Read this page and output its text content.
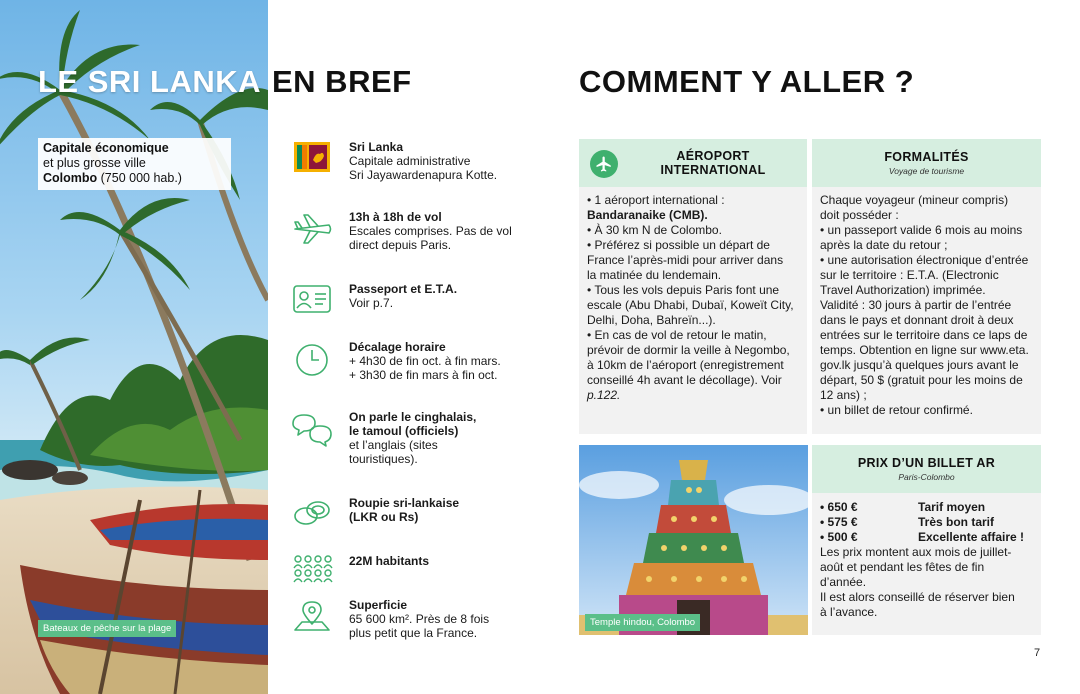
LE SRI LANKA EN BREF
Capitale économique
et plus grosse ville
Colombo (750 000 hab.)
Bateaux de pêche sur la plage
Sri Lanka
Capitale administrative
Sri Jayawardenapura Kotte.
13h à 18h de vol
Escales comprises. Pas de vol
direct depuis Paris.
Passeport et E.T.A.
Voir p.7.
Décalage horaire
+ 4h30 de fin oct. à fin mars.
+ 3h30 de fin mars à fin oct.
On parle le cinghalais,
le tamoul (officiels)
et l’anglais (sites
touristiques).
Roupie sri-lankaise
(LKR ou Rs)
22M habitants
Superficie
65 600 km². Près de 8 fois
plus petit que la France.
COMMENT Y ALLER ?
AÉROPORT
INTERNATIONAL
• 1 aéroport international :
Bandaranaike (CMB).
• À 30 km N de Colombo.
• Préférez si possible un départ de
France l’après-midi pour arriver dans
la matinée du lendemain.
• Tous les vols depuis Paris font une
escale (Abu Dhabi, Dubaï, Koweït City,
Delhi, Doha, Bahreïn...).
• En cas de vol de retour le matin,
prévoir de dormir la veille à Negombo,
à 10km de l’aéroport (enregistrement
conseillé 4h avant le décollage). Voir
p.122.
FORMALITÉS
Voyage de tourisme
Chaque voyageur (mineur compris)
doit posséder :
• un passeport valide 6 mois au moins
après la date du retour ;
• une autorisation électronique d’entrée
sur le territoire : E.T.A. (Electronic
Travel Authorization) imprimée.
Validité : 30 jours à partir de l’entrée
dans le pays et donnant droit à deux
entrées sur le territoire dans ce laps de
temps. Obtention en ligne sur www.eta.
gov.lk jusqu’à quelques jours avant le
départ, 50 $ (gratuit pour les moins de
12 ans) ;
• un billet de retour confirmé.
Temple hindou, Colombo
PRIX D’UN BILLET AR
Paris-Colombo
• 650 €	Tarif moyen
• 575 €	Très bon tarif
• 500 €	Excellente affaire !
Les prix montent aux mois de juillet-
août et pendant les fêtes de fin d’année.
Il est alors conseillé de réserver bien
à l’avance.
7
